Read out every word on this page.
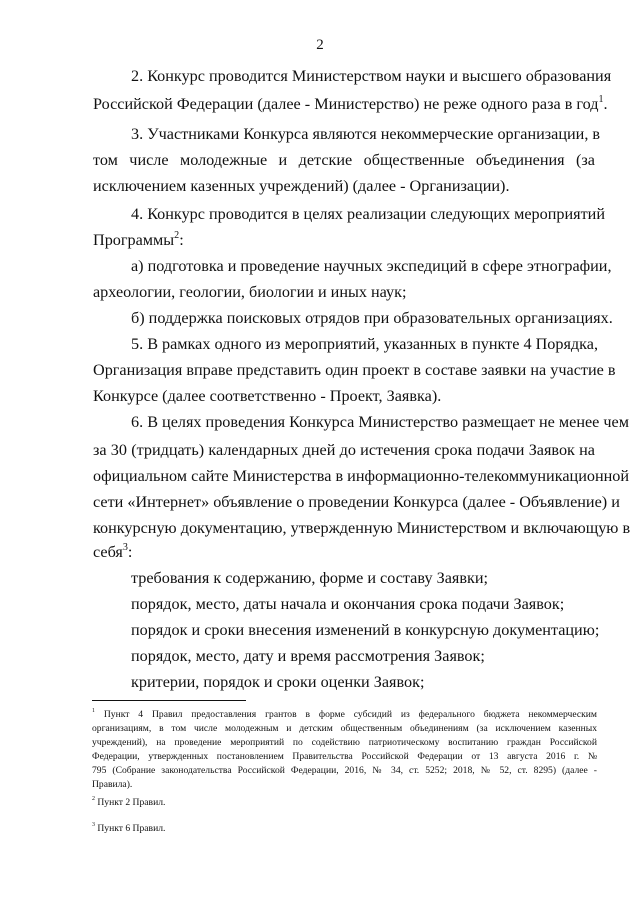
2
2. Конкурс проводится Министерством науки и высшего образования
Российской Федерации (далее - Министерство) не реже одного раза в год$^1$.
3. Участниками Конкурса являются некоммерческие организации, в
том числе молодежные и детские общественные объединения (за
исключением казенных учреждений) (далее - Организации).
4. Конкурс проводится в целях реализации следующих мероприятий
Программы$^2$:
а) подготовка и проведение научных экспедиций в сфере этнографии,
археологии, геологии, биологии и иных наук;
б) поддержка поисковых отрядов при образовательных организациях.
5. В рамках одного из мероприятий, указанных в пункте 4 Порядка,
Организация вправе представить один проект в составе заявки на участие в
Конкурсе (далее соответственно - Проект, Заявка).
6. В целях проведения Конкурса Министерство размещает не менее чем
за 30 (тридцать) календарных дней до истечения срока подачи Заявок на
официальном сайте Министерства в информационно-телекоммуникационной
сети «Интернет» объявление о проведении Конкурса (далее - Объявление) и
конкурсную документацию, утвержденную Министерством и включающую в
себя$^3$:
требования к содержанию, форме и составу Заявки;
порядок, место, даты начала и окончания срока подачи Заявок;
порядок и сроки внесения изменений в конкурсную документацию;
порядок, место, дату и время рассмотрения Заявок;
критерии, порядок и сроки оценки Заявок;
$^1$ Пункт 4 Правил предоставления грантов в форме субсидий из федерального бюджета некоммерческим
организациям, в том числе молодежным и детским общественным объединениям (за исключением казенных
учреждений), на проведение мероприятий по содействию патриотическому воспитанию граждан Российской
Федерации, утвержденных постановлением Правительства Российской Федерации от 13 августа 2016 г. №
795 (Собрание законодательства Российской Федерации, 2016, № 34, ст. 5252; 2018, № 52, ст. 8295) (далее -
Правила).
$^2$ Пункт 2 Правил.
$^3$ Пункт 6 Правил.
